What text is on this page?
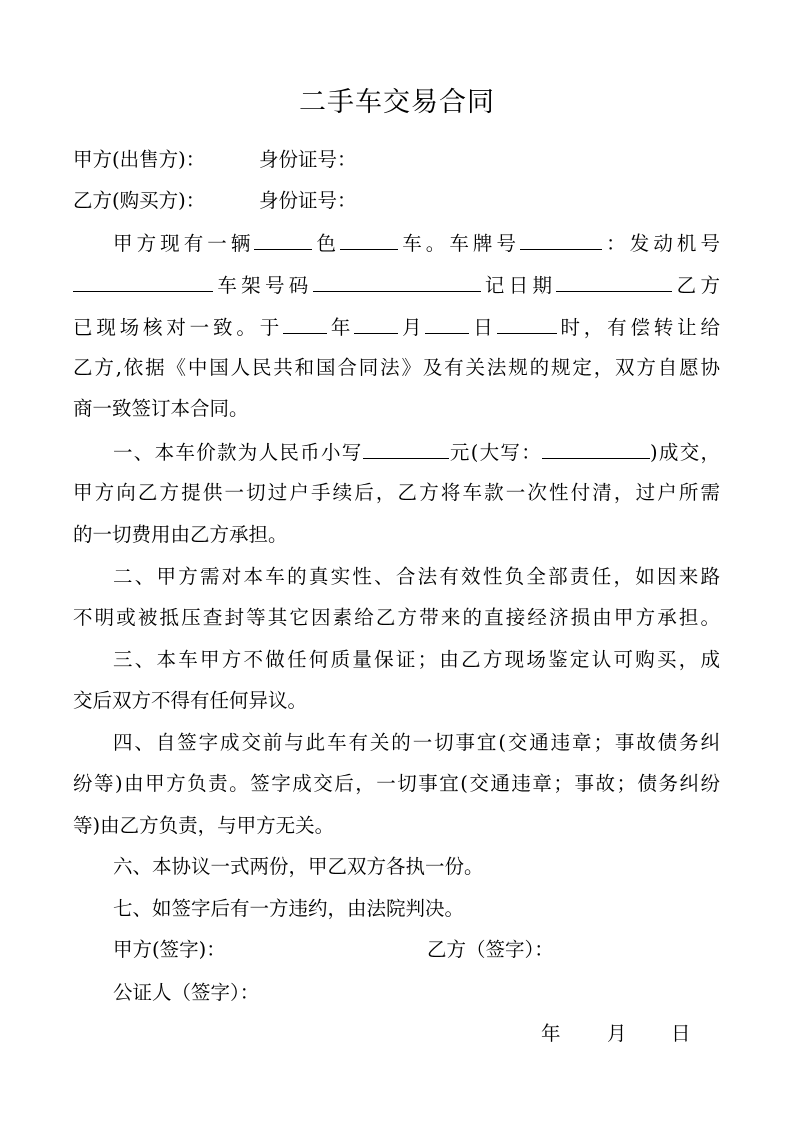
二手车交易合同
甲方(出售方)：	身份证号：
乙方(购买方)：	身份证号：
甲方现有一辆	色	车。车牌号	：发动机号
车架号码	记日期	乙方
已现场核对一致。于 年 月 日	时，有偿转让给
乙方,依据《中国人民共和国合同法》及有关法规的规定，双方自愿协
商一致签订本合同。
一、本车价款为人民币小写	元(大写：	)成交，
甲方向乙方提供一切过户手续后，乙方将车款一次性付清，过户所需
的一切费用由乙方承担。
二、甲方需对本车的真实性、合法有效性负全部责任，如因来路
不明或被抵压查封等其它因素给乙方带来的直接经济损由甲方承担。
三、本车甲方不做任何质量保证；由乙方现场鉴定认可购买，成
交后双方不得有任何异议。
四、自签字成交前与此车有关的一切事宜(交通违章；事故债务纠
纷等)由甲方负责。签字成交后，一切事宜(交通违章；事故；债务纠纷
等)由乙方负责，与甲方无关。
六、本协议一式两份，甲乙双方各执一份。
七、如签字后有一方违约，由法院判决。
甲方(签字)：	乙方（签字）：
公证人（签字）：
年 月 日
